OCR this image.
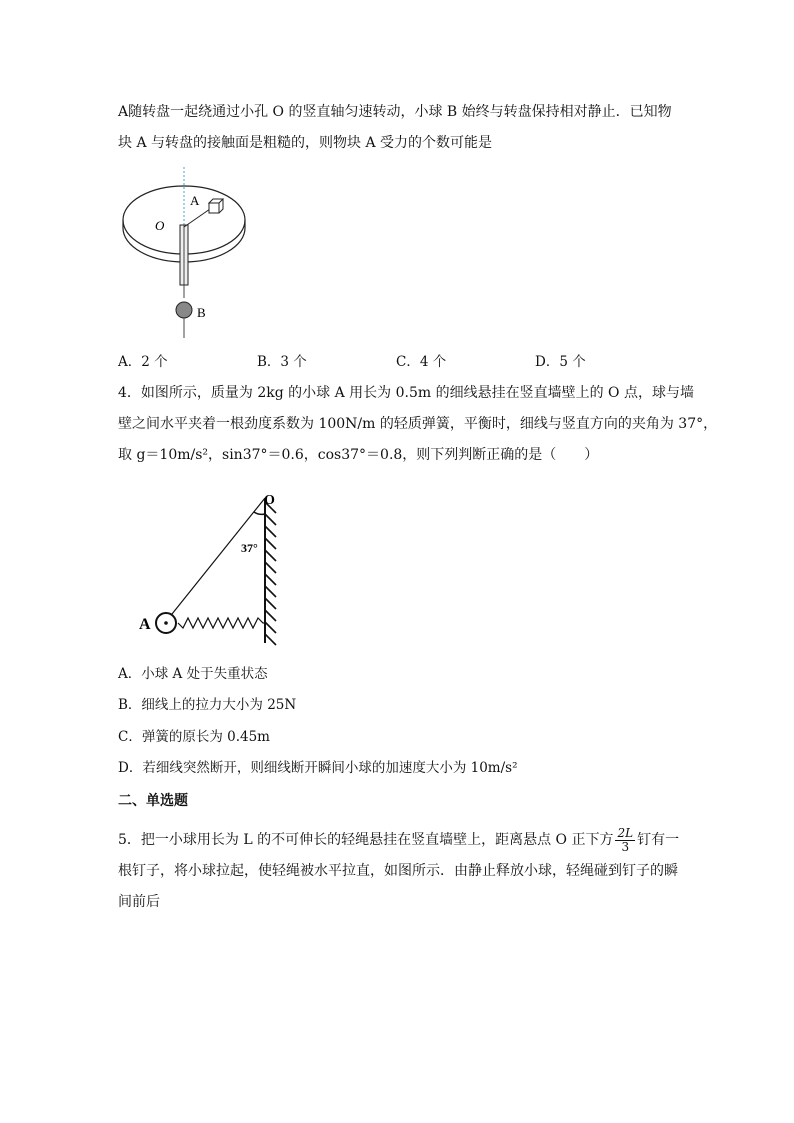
A随转盘一起绕通过小孔 O 的竖直轴匀速转动，小球 B 始终与转盘保持相对静止．已知物
块 A 与转盘的接触面是粗糙的，则物块 A 受力的个数可能是
A
O
B
A．2 个	B．3 个	C．4 个	D．5 个
4．如图所示，质量为 2kg 的小球 A 用长为 0.5m 的细线悬挂在竖直墙壁上的 O 点，球与墙
壁之间水平夹着一根劲度系数为 100N/m 的轻质弹簧，平衡时，细线与竖直方向的夹角为 37°，
取 g＝10m/s²，sin37°＝0.6，cos37°＝0.8，则下列判断正确的是（　　）
O
37°
A
A．小球 A 处于失重状态
B．细线上的拉力大小为 25N
C．弹簧的原长为 0.45m
D．若细线突然断开，则细线断开瞬间小球的加速度大小为 10m/s²
二、单选题
5．把一小球用长为 L 的不可伸长的轻绳悬挂在竖直墙壁上，距离悬点 O 正下方 $\frac{2L}{3}$ 钉有一
根钉子，将小球拉起，使轻绳被水平拉直，如图所示．由静止释放小球，轻绳碰到钉子的瞬
间前后
